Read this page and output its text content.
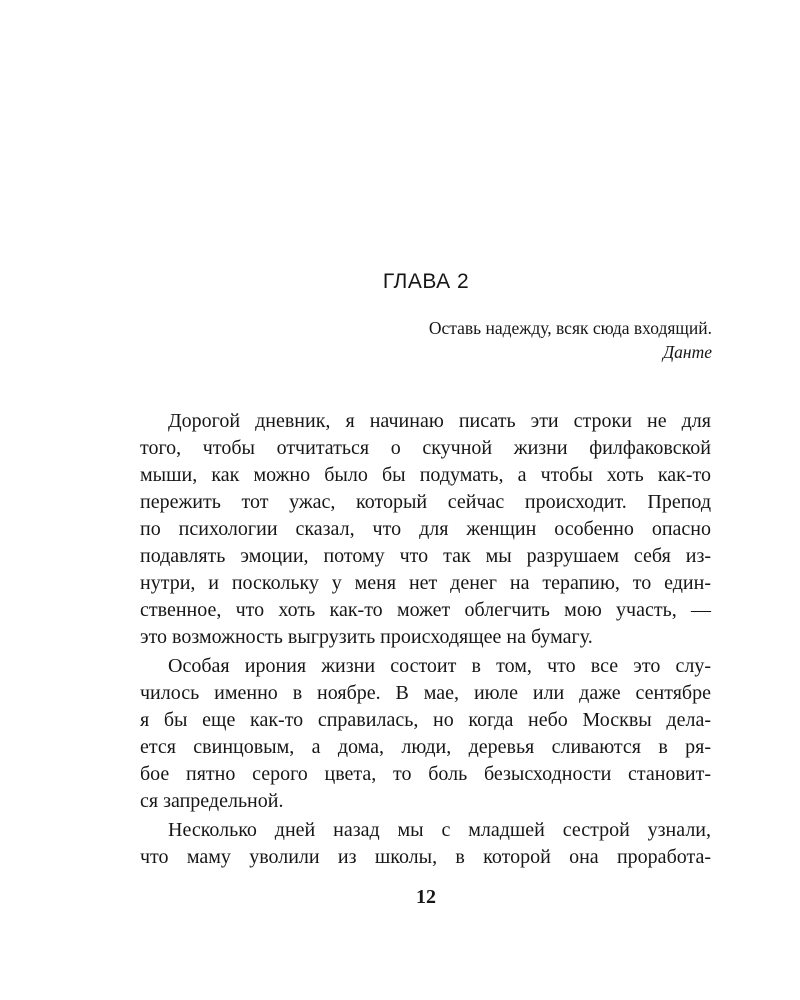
ГЛАВА 2
Оставь надежду, всяк сюда входящий.
Данте
Дорогой дневник, я начинаю писать эти строки не для
того, чтобы отчитаться о скучной жизни филфаковской
мыши, как можно было бы подумать, а чтобы хоть как-то
пережить тот ужас, который сейчас происходит. Препод
по психологии сказал, что для женщин особенно опасно
подавлять эмоции, потому что так мы разрушаем себя из-
нутри, и поскольку у меня нет денег на терапию, то един-
ственное, что хоть как-то может облегчить мою участь, —
это возможность выгрузить происходящее на бумагу.
Особая ирония жизни состоит в том, что все это слу-
чилось именно в ноябре. В мае, июле или даже сентябре
я бы еще как-то справилась, но когда небо Москвы дела-
ется свинцовым, а дома, люди, деревья сливаются в ря-
бое пятно серого цвета, то боль безысходности становит-
ся запредельной.
Несколько дней назад мы с младшей сестрой узнали,
что маму уволили из школы, в которой она проработа-
12
